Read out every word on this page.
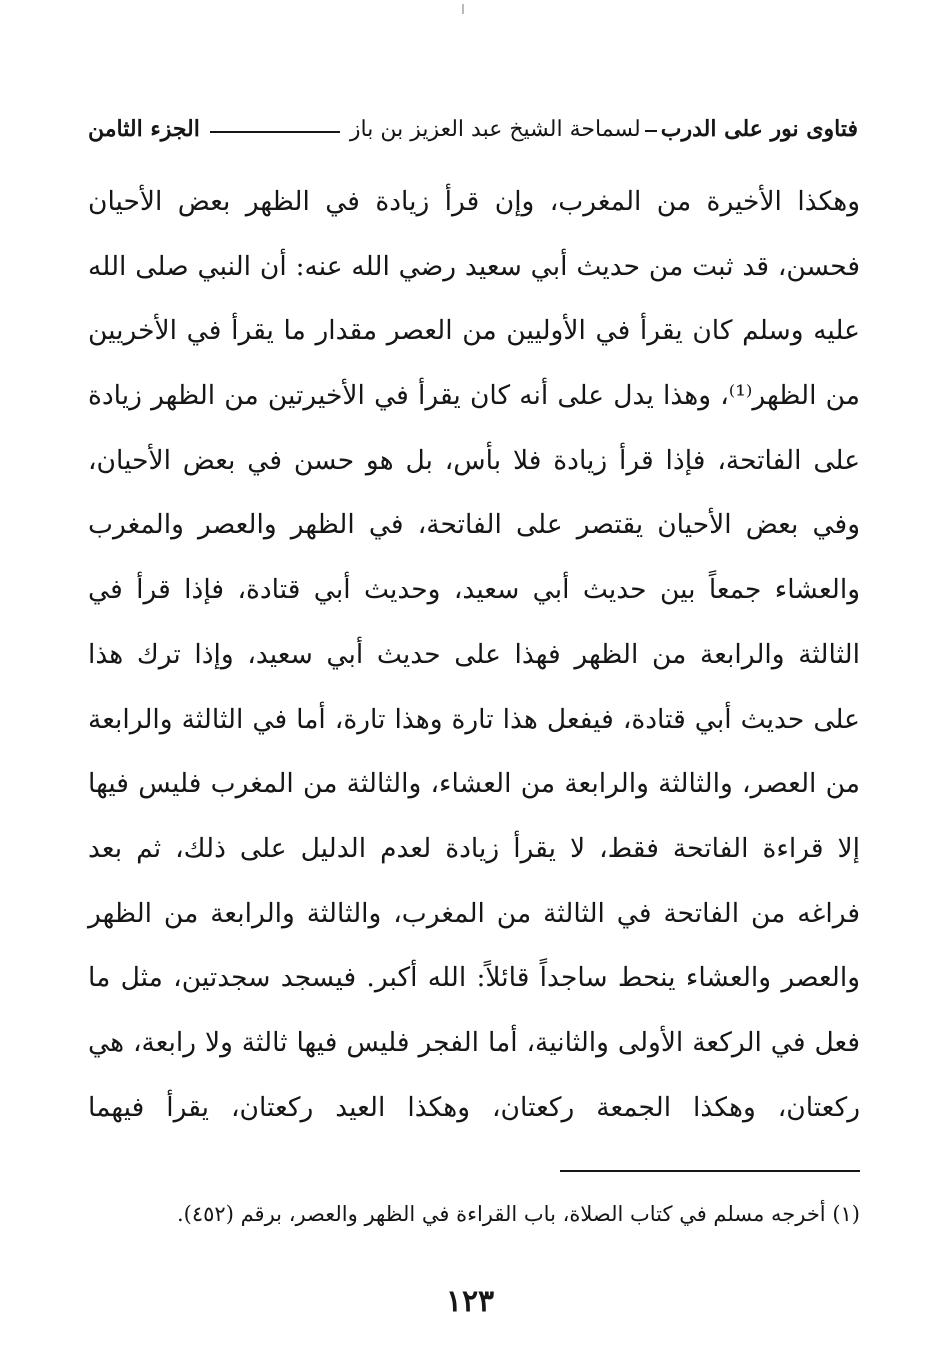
فتاوى نور على الدرب
لسماحة الشيخ عبد العزيز بن باز
الجزء الثامن
وهكذا الأخيرة من المغرب، وإن قرأ زيادة في الظهر بعض الأحيان
فحسن، قد ثبت من حديث أبي سعيد رضي الله عنه: أن النبي صلى الله
عليه وسلم كان يقرأ في الأوليين من العصر مقدار ما يقرأ في الأخريين
من الظهر⁽¹⁾، وهذا يدل على أنه كان يقرأ في الأخيرتين من الظهر زيادة
على الفاتحة، فإذا قرأ زيادة فلا بأس، بل هو حسن في بعض الأحيان،
وفي بعض الأحيان يقتصر على الفاتحة، في الظهر والعصر والمغرب
والعشاء جمعاً بين حديث أبي سعيد، وحديث أبي قتادة، فإذا قرأ في
الثالثة والرابعة من الظهر فهذا على حديث أبي سعيد، وإذا ترك هذا
على حديث أبي قتادة، فيفعل هذا تارة وهذا تارة، أما في الثالثة والرابعة
من العصر، والثالثة والرابعة من العشاء، والثالثة من المغرب فليس فيها
إلا قراءة الفاتحة فقط، لا يقرأ زيادة لعدم الدليل على ذلك، ثم بعد
فراغه من الفاتحة في الثالثة من المغرب، والثالثة والرابعة من الظهر
والعصر والعشاء ينحط ساجداً قائلاً: الله أكبر. فيسجد سجدتين، مثل ما
فعل في الركعة الأولى والثانية، أما الفجر فليس فيها ثالثة ولا رابعة، هي
ركعتان، وهكذا الجمعة ركعتان، وهكذا العيد ركعتان، يقرأ فيهما
(١) أخرجه مسلم في كتاب الصلاة، باب القراءة في الظهر والعصر، برقم (٤٥٢).
١٢٣
